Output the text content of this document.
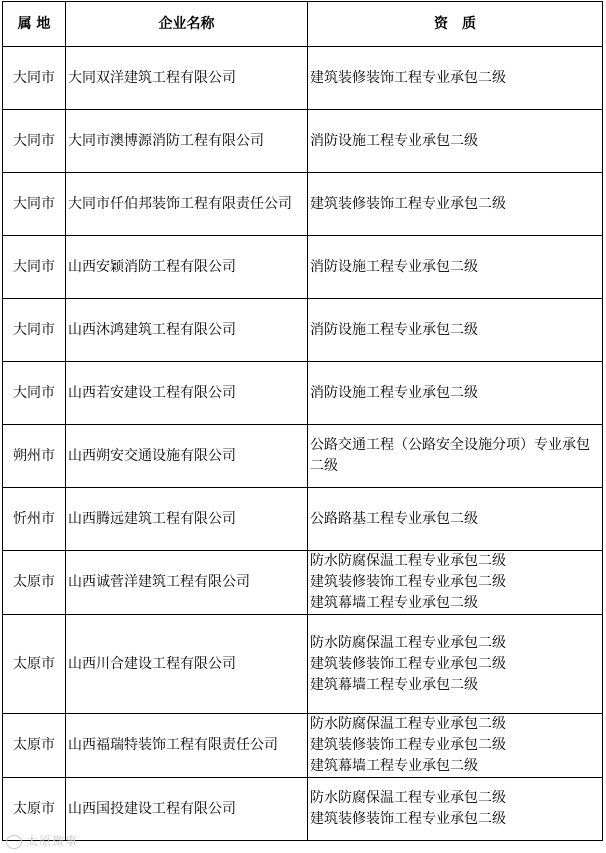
属 地	企业名称	资　质
大同市	大同双洋建筑工程有限公司	建筑装修装饰工程专业承包二级

大同市	大同市澳博源消防工程有限公司	消防设施工程专业承包二级

大同市	大同市仟伯邦装饰工程有限责任公司	建筑装修装饰工程专业承包二级

大同市	山西安颖消防工程有限公司	消防设施工程专业承包二级

大同市	山西沐鸿建筑工程有限公司	消防设施工程专业承包二级

大同市	山西若安建设工程有限公司	消防设施工程专业承包二级

朔州市	山西朔安交通设施有限公司	公路交通工程（公路安全设施分项）专业承包二级

忻州市	山西腾远建筑工程有限公司	公路路基工程专业承包二级

太原市	山西诚菅洋建筑工程有限公司	防水防腐保温工程专业承包二级
建筑装修装饰工程专业承包二级
建筑幕墙工程专业承包二级

太原市	山西川合建设工程有限公司	防水防腐保温工程专业承包二级
建筑装修装饰工程专业承包二级
建筑幕墙工程专业承包二级

太原市	山西福瑞特装饰工程有限责任公司	防水防腐保温工程专业承包二级
建筑装修装饰工程专业承包二级
建筑幕墙工程专业承包二级

太原市	山西国投建设工程有限公司	防水防腐保温工程专业承包二级
建筑装修装饰工程专业承包二级
太原微事
